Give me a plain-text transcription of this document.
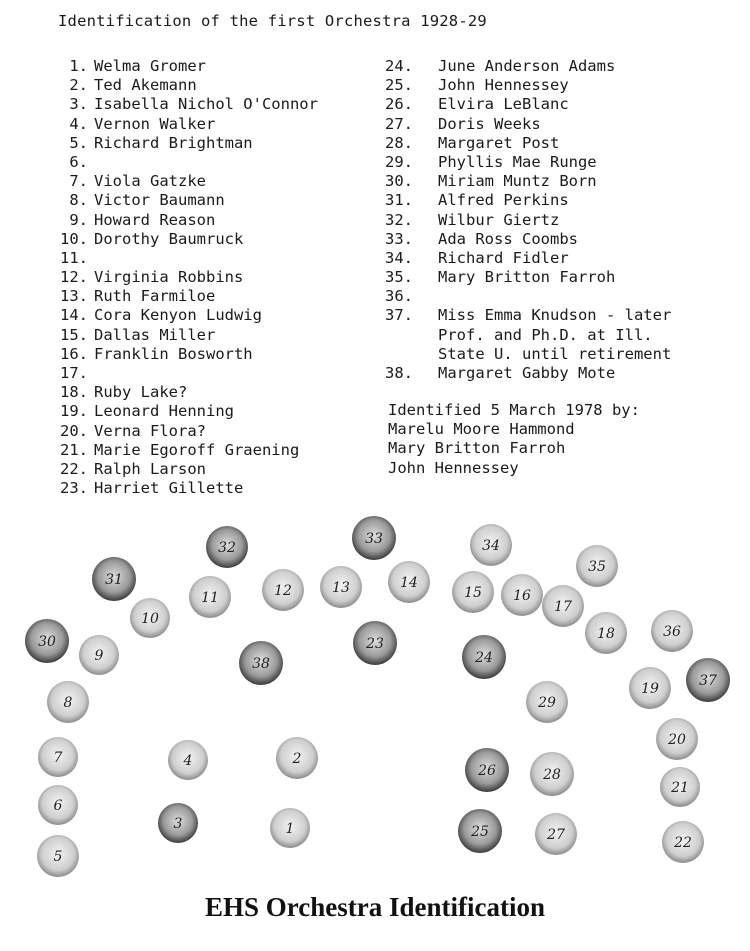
Identification of the first Orchestra 1928-29
1. Welma Gromer
2. Ted Akemann
3. Isabella Nichol O'Connor
4. Vernon Walker
5. Richard Brightman
6.
7. Viola Gatzke
8. Victor Baumann
9. Howard Reason
10. Dorothy Baumruck
11.
12. Virginia Robbins
13. Ruth Farmiloe
14. Cora Kenyon Ludwig
15. Dallas Miller
16. Franklin Bosworth
17.
18. Ruby Lake?
19. Leonard Henning
20. Verna Flora?
21. Marie Egoroff Graening
22. Ralph Larson
23. Harriet Gillette
24.	June Anderson Adams
25.	John Hennessey
26.	Elvira LeBlanc
27.	Doris Weeks
28.	Margaret Post
29.	Phyllis Mae Runge
30.	Miriam Muntz Born
31.	Alfred Perkins
32.	Wilbur Giertz
33.	Ada Ross Coombs
34.	Richard Fidler
35.	Mary Britton Farroh
36.
37.	Miss Emma Knudson - later
Prof. and Ph.D. at Ill.
State U. until retirement
38.	Margaret Gabby Mote
Identified 5 March 1978 by:
Marelu Moore Hammond
Mary Britton Farroh
John Hennessey
1
2
3
4
5
6
7
8
9
10
11	12	13	14
15 16
17
18
19
20
21
22
23
24
25
26
27
28
29
30
31
32
33	34
35
36
37
38
EHS Orchestra Identification
